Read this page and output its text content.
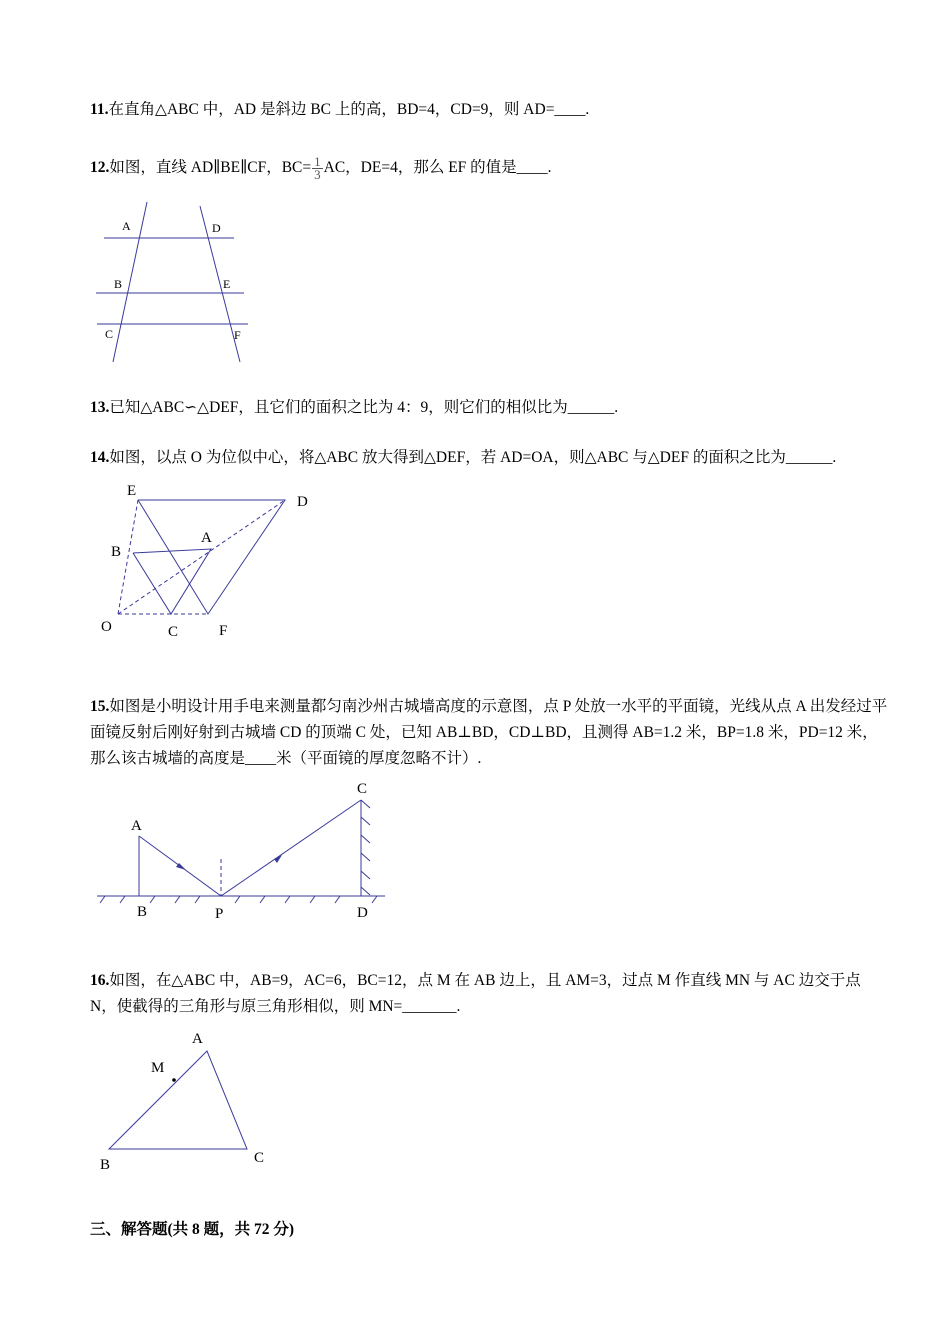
11.在直角△ABC 中，AD 是斜边 BC 上的高，BD=4，CD=9，则 AD=____.
12.如图，直线 AD∥BE∥CF，$BC= \frac{1}{3}$ AC，DE=4，那么 EF 的值是____.
A	D
B	E
C	F
13.已知△ABC∽△DEF，且它们的面积之比为 4：9，则它们的相似比为______.
14.如图，以点 O 为位似中心，将△ABC 放大得到△DEF，若 AD=OA，则△ABC 与△DEF 的面积之比为______.
E
D
A
B
O	C	F
15.如图是小明设计用手电来测量都匀南沙州古城墙高度的示意图，点 P 处放一水平的平面镜，光线从点 A 出发经过平面镜反射后刚好射到古城墙 CD 的顶端 C 处，已知 AB⊥BD，CD⊥BD，且测得 AB=1.2 米，BP=1.8 米，PD=12 米，那么该古城墙的高度是____米（平面镜的厚度忽略不计）.
A
B	P
C
D
16.如图，在△ABC 中，AB=9，AC=6，BC=12，点 M 在 AB 边上，且 AM=3，过点 M 作直线 MN 与 AC 边交于点 N，使截得的三角形与原三角形相似，则 MN=_______.
A
M
B	C
三、解答题(共 8 题，共 72 分)
